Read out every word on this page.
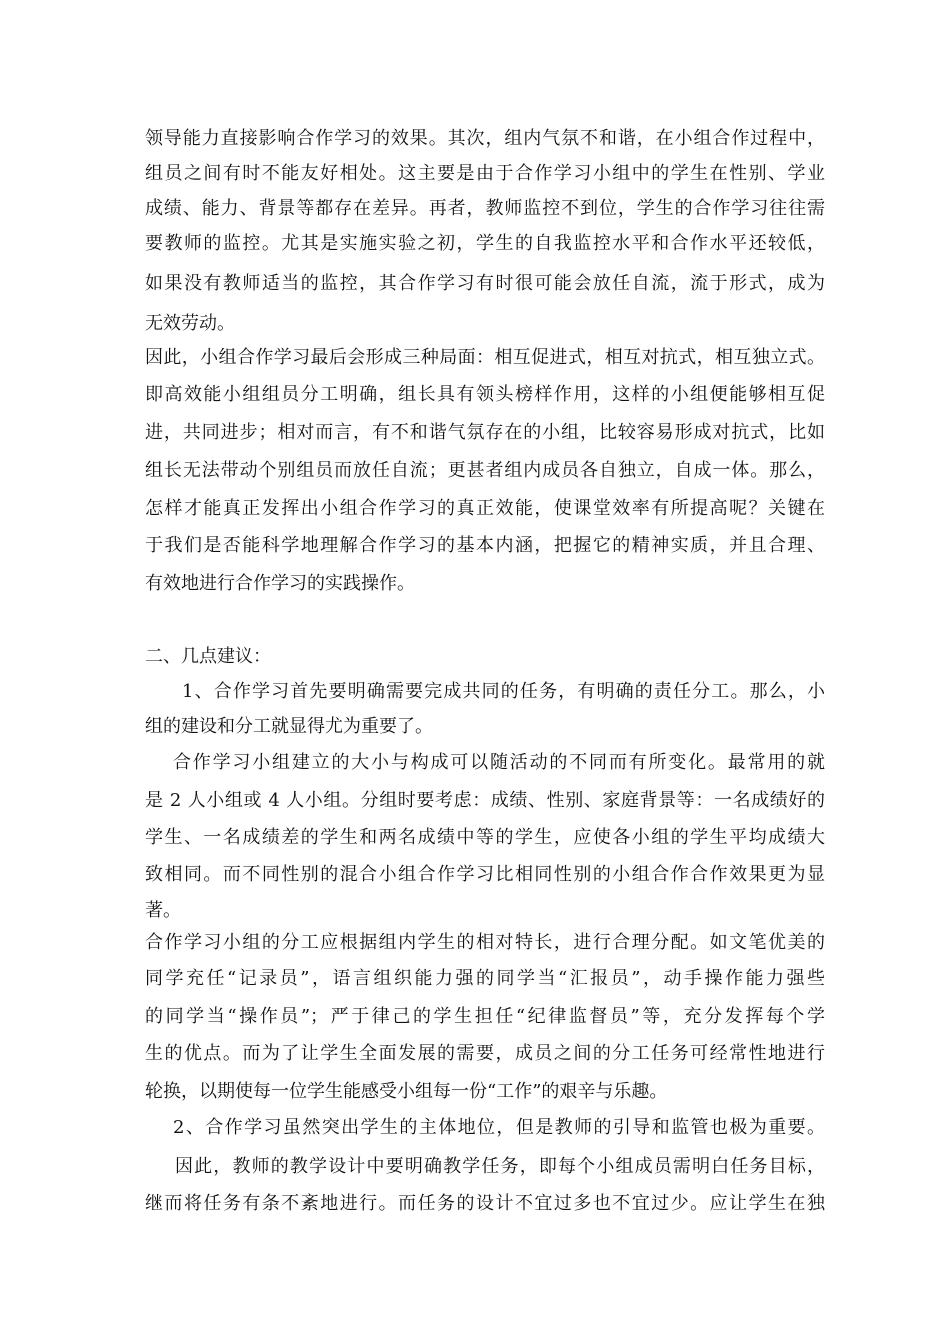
领导能力直接影响合作学习的效果。其次，组内气氛不和谐，在小组合作过程中，
组员之间有时不能友好相处。这主要是由于合作学习小组中的学生在性别、学业
成绩、能力、背景等都存在差异。再者，教师监控不到位，学生的合作学习往往需
要教师的监控。尤其是实施实验之初，学生的自我监控水平和合作水平还较低，
如果没有教师适当的监控，其合作学习有时很可能会放任自流，流于形式，成为
无效劳动。
因此，小组合作学习最后会形成三种局面：相互促进式，相互对抗式，相互独立式。
即高效能小组组员分工明确，组长具有领头榜样作用，这样的小组便能够相互促
进，共同进步；相对而言，有不和谐气氛存在的小组，比较容易形成对抗式，比如
组长无法带动个别组员而放任自流；更甚者组内成员各自独立，自成一体。那么，
怎样才能真正发挥出小组合作学习的真正效能，使课堂效率有所提高呢？关键在
于我们是否能科学地理解合作学习的基本内涵，把握它的精神实质，并且合理、
有效地进行合作学习的实践操作。
二、几点建议：
1、合作学习首先要明确需要完成共同的任务，有明确的责任分工。那么，小
组的建设和分工就显得尤为重要了。
合作学习小组建立的大小与构成可以随活动的不同而有所变化。最常用的就
是 2 人小组或 4 人小组。分组时要考虑：成绩、性别、家庭背景等：一名成绩好的
学生、一名成绩差的学生和两名成绩中等的学生，应使各小组的学生平均成绩大
致相同。而不同性别的混合小组合作学习比相同性别的小组合作合作效果更为显
著。
合作学习小组的分工应根据组内学生的相对特长，进行合理分配。如文笔优美的
同学充任“记录员”，语言组织能力强的同学当“汇报员”，动手操作能力强些
的同学当“操作员”；严于律己的学生担任“纪律监督员”等，充分发挥每个学
生的优点。而为了让学生全面发展的需要，成员之间的分工任务可经常性地进行
轮换，以期使每一位学生能感受小组每一份“工作”的艰辛与乐趣。
2、合作学习虽然突出学生的主体地位，但是教师的引导和监管也极为重要。
因此，教师的教学设计中要明确教学任务，即每个小组成员需明白任务目标，
继而将任务有条不紊地进行。而任务的设计不宜过多也不宜过少。应让学生在独
